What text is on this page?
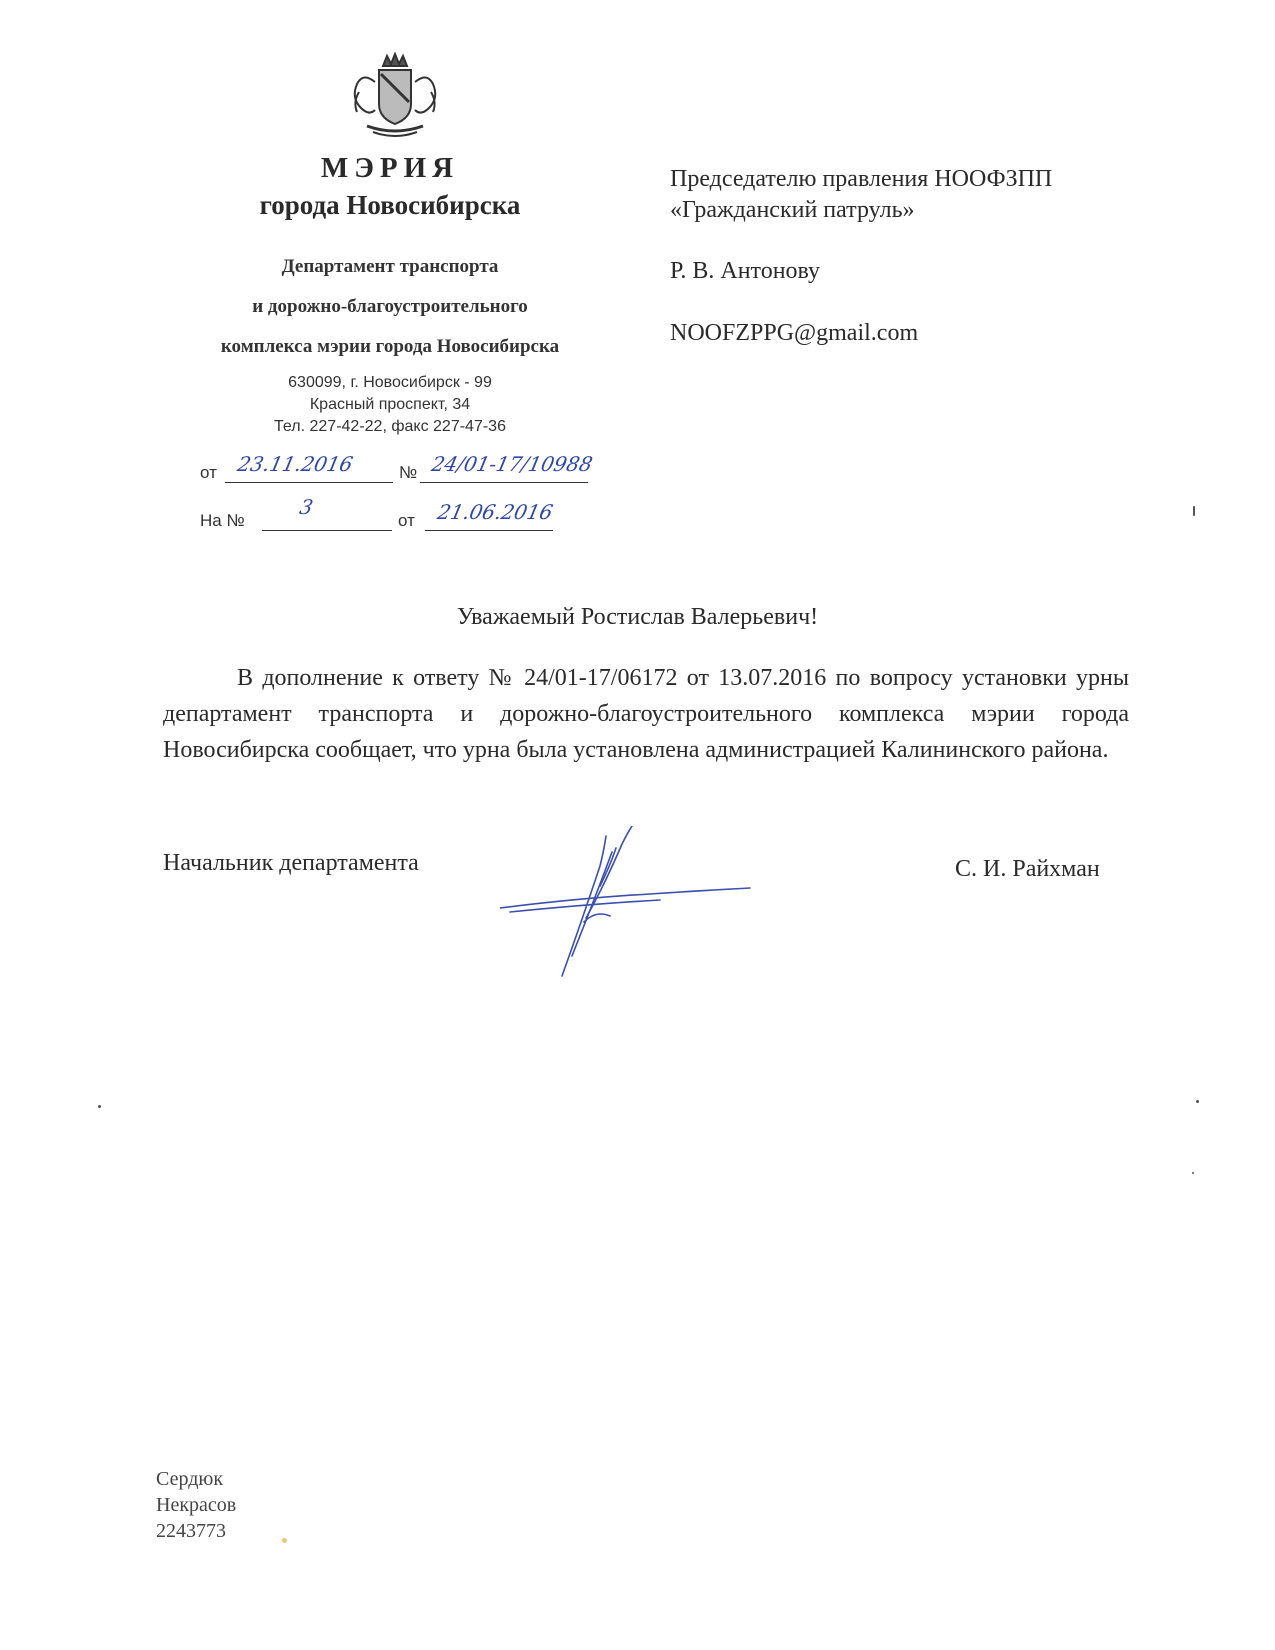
МЭРИЯ
города Новосибирска
Департамент транспорта
и дорожно-благоустроительного
комплекса мэрии города Новосибирска
630099, г. Новосибирск - 99
Красный проспект, 34
Тел. 227-42-22, факс 227-47-36
от 23.11.2016	№ 24/01-17/10988
На №
3
от 21.06.2016
Председателю правления НООФЗПП
«Гражданский патруль»
Р. В. Антонову
NOOFZPPG@gmail.com
Уважаемый Ростислав Валерьевич!
В дополнение к ответу № 24/01-17/06172 от 13.07.2016 по вопросу установки урны департамент транспорта и дорожно-благоустроительного комплекса мэрии города Новосибирска сообщает, что урна была установлена администрацией Калининского района.
Начальник департамента	С. И. Райхман
Сердюк
Некрасов
2243773
